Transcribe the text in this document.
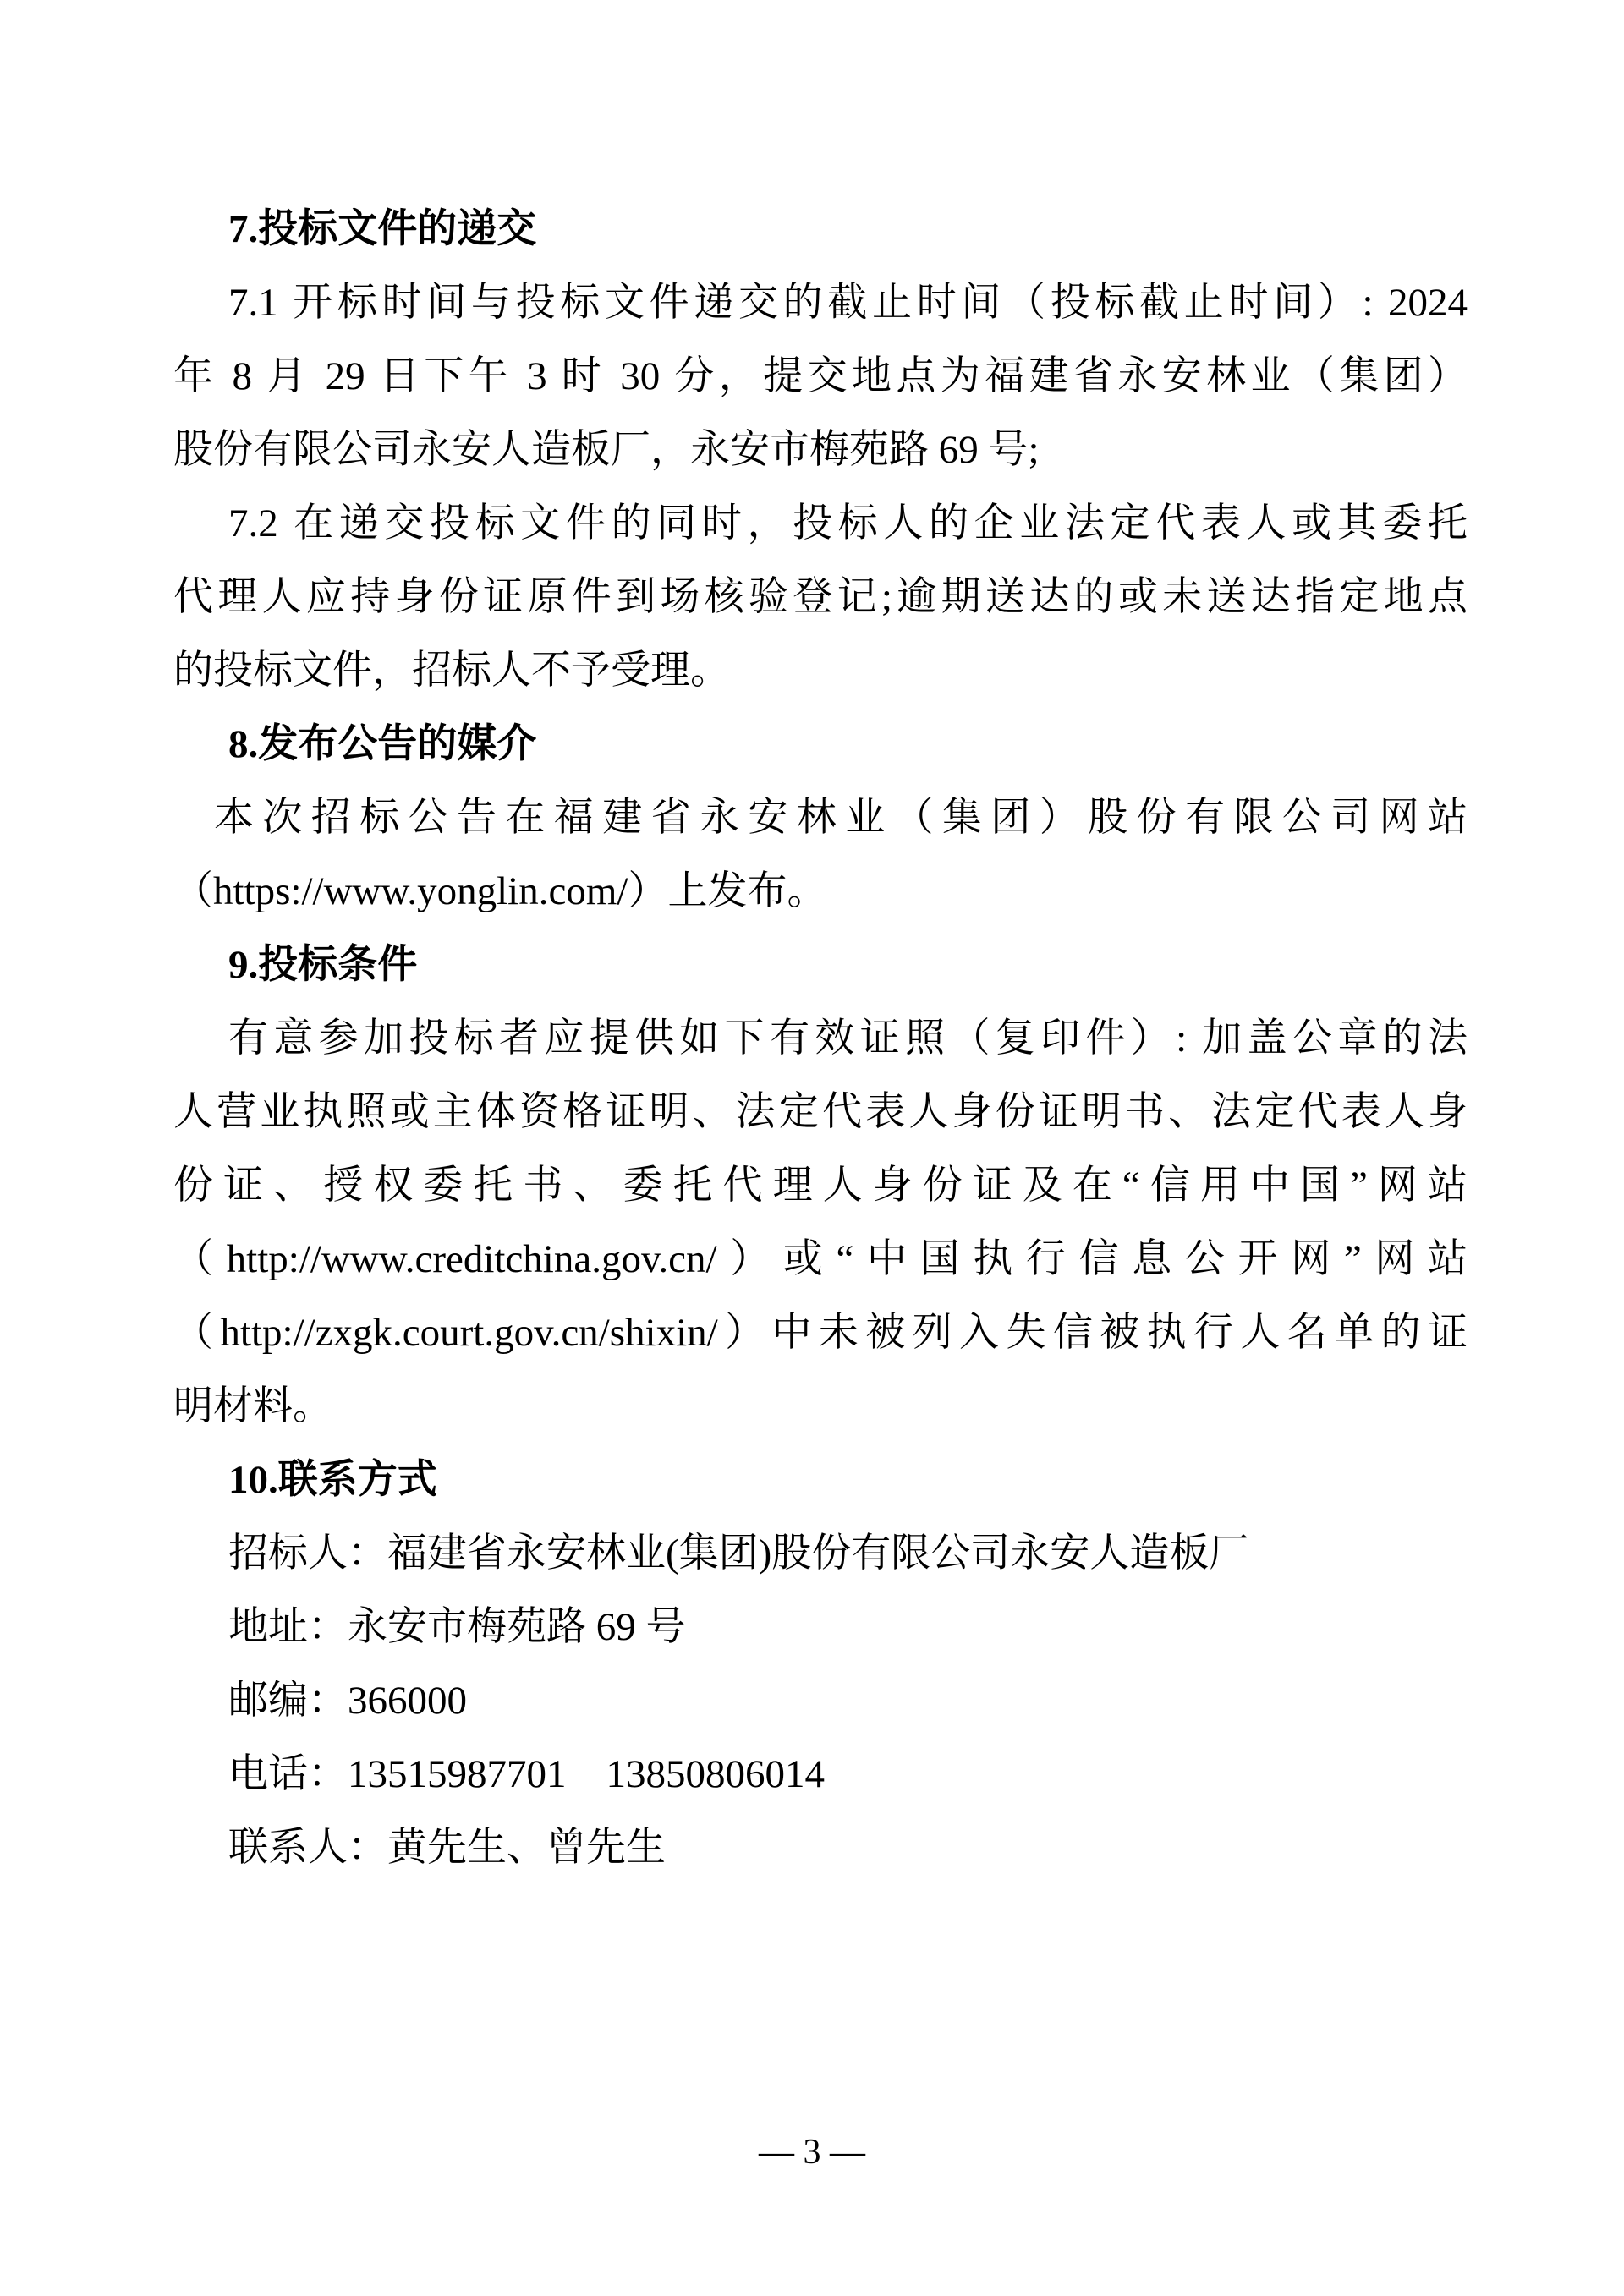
7.投标文件的递交
7.1 开标时间与投标文件递交的截止时间（投标截止时间）: 2024
年 8 月 29 日下午 3 时 30 分，提交地点为福建省永安林业（集团）
股份有限公司永安人造板厂，永安市梅苑路 69 号;
7.2 在递交投标文件的同时，投标人的企业法定代表人或其委托
代理人应持身份证原件到场核验登记;逾期送达的或未送达指定地点
的投标文件，招标人不予受理。
8.发布公告的媒介
本次招标公告在福建省永安林业（集团）股份有限公司网站
（https://www.yonglin.com/）上发布。
9.投标条件
有意参加投标者应提供如下有效证照（复印件）: 加盖公章的法
人营业执照或主体资格证明、法定代表人身份证明书、法定代表人身
份证、授权委托书、委托代理人身份证及在“信用中国”网站
（http://www.creditchina.gov.cn/）或“中国执行信息公开网”网站
（http://zxgk.court.gov.cn/shixin/）中未被列入失信被执行人名单的证
明材料。
10.联系方式
招标人：福建省永安林业(集团)股份有限公司永安人造板厂
地址：永安市梅苑路 69 号
邮编：366000
电话：13515987701　13850806014
联系人：黄先生、曾先生
— 3 —
